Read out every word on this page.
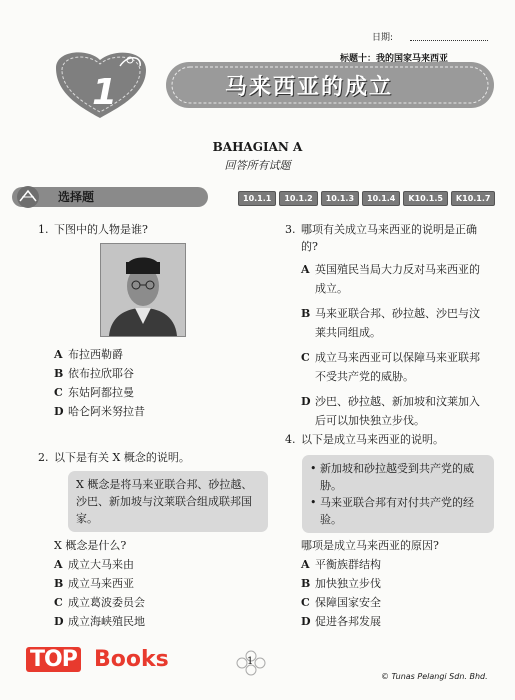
日期:
1
标题十：我的国家马来西亚
马来西亚的成立
BAHAGIAN A
回答所有试题
选择题	10.1.1	10.1.2	10.1.3	10.1.4	K10.1.5	K10.1.7
1. 下图中的人物是谁?
A 布拉西勒爵
B 依布拉欣耶谷
C 东姑阿都拉曼
D 哈仑阿米努拉昔
2. 以下是有关 X 概念的说明。
X 概念是将马来亚联合邦、砂拉越、沙巴、新加坡与汶莱联合组成联邦国家。
X 概念是什么?
A 成立大马来由
B 成立马来西亚
C 成立葛波委员会
D 成立海峡殖民地
3. 哪项有关成立马来西亚的说明是正确的?
A 英国殖民当局大力反对马来西亚的成立。
B 马来亚联合邦、砂拉越、沙巴与汶莱共同组成。
C 成立马来西亚可以保障马来亚联邦不受共产党的威胁。
D 沙巴、砂拉越、新加坡和汶莱加入后可以加快独立步伐。
4. 以下是成立马来西亚的说明。
• 新加坡和砂拉越受到共产党的威胁。
• 马来亚联合邦有对付共产党的经验。
哪项是成立马来西亚的原因?
A 平衡族群结构
B 加快独立步伐
C 保障国家安全
D 促进各邦发展
1
© Tunas Pelangi Sdn. Bhd.
TOP Books
